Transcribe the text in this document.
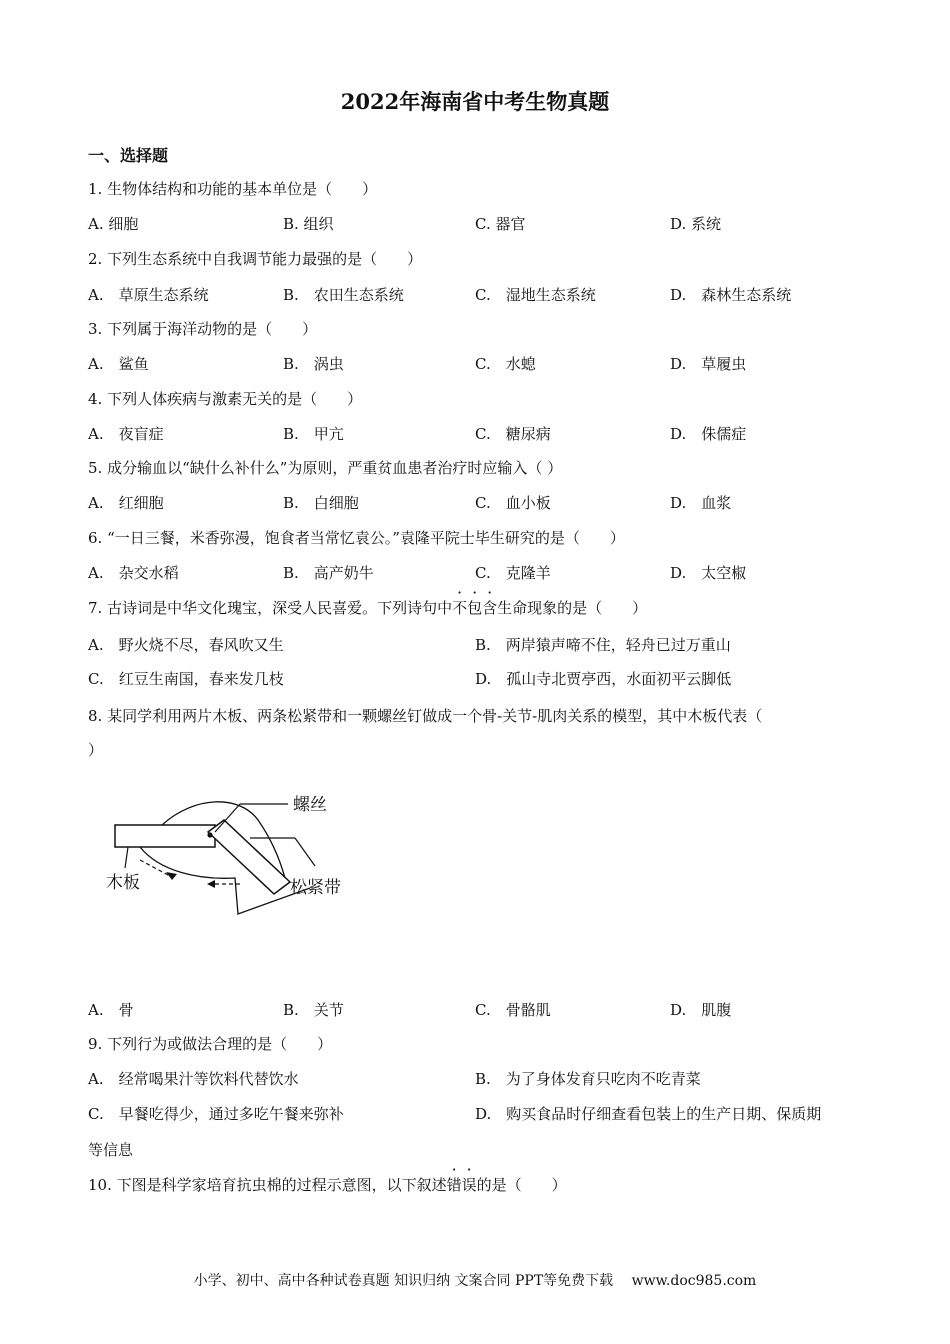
2022年海南省中考生物真题
一、选择题
1. 生物体结构和功能的基本单位是（　　）
A. 细胞	B. 组织	C. 器官	D. 系统
2. 下列生态系统中自我调节能力最强的是（　　）
A.　草原生态系统	B.　农田生态系统	C.　湿地生态系统	D.　森林生态系统
3. 下列属于海洋动物的是（　　）
A.　鲨鱼	B.　涡虫	C.　水螅	D.　草履虫
4. 下列人体疾病与激素无关的是（　　）
A.　夜盲症	B.　甲亢	C.　糖尿病	D.　侏儒症
5. 成分输血以“缺什么补什么”为原则，严重贫血患者治疗时应输入（ ）
A.　红细胞	B.　白细胞	C.　血小板	D.　血浆
6. “一日三餐，米香弥漫，饱食者当常忆袁公。”袁隆平院士毕生研究的是（　　）
A.　杂交水稻	B.　高产奶牛	C.　克隆羊	D.　太空椒
7. 古诗词是中华文化瑰宝，深受人民喜爱。下列诗句中不包含生命现象的是（　　）
A.　野火烧不尽，春风吹又生	B.　两岸猿声啼不住，轻舟已过万重山
C.　红豆生南国，春来发几枝	D.　孤山寺北贾亭西，水面初平云脚低
8. 某同学利用两片木板、两条松紧带和一颗螺丝钉做成一个骨-关节-肌肉关系的模型，其中木板代表（
）
螺丝
松紧带
木板
A.　骨	B.　关节	C.　骨骼肌	D.　肌腹
9. 下列行为或做法合理的是（　　）
A.　经常喝果汁等饮料代替饮水	B.　为了身体发育只吃肉不吃青菜
C.　早餐吃得少，通过多吃午餐来弥补	D.　购买食品时仔细查看包装上的生产日期、保质期
等信息
10. 下图是科学家培育抗虫棉的过程示意图，以下叙述错误的是（　　）
小学、初中、高中各种试卷真题 知识归纳 文案合同 PPT等免费下载　 www.doc985.com
